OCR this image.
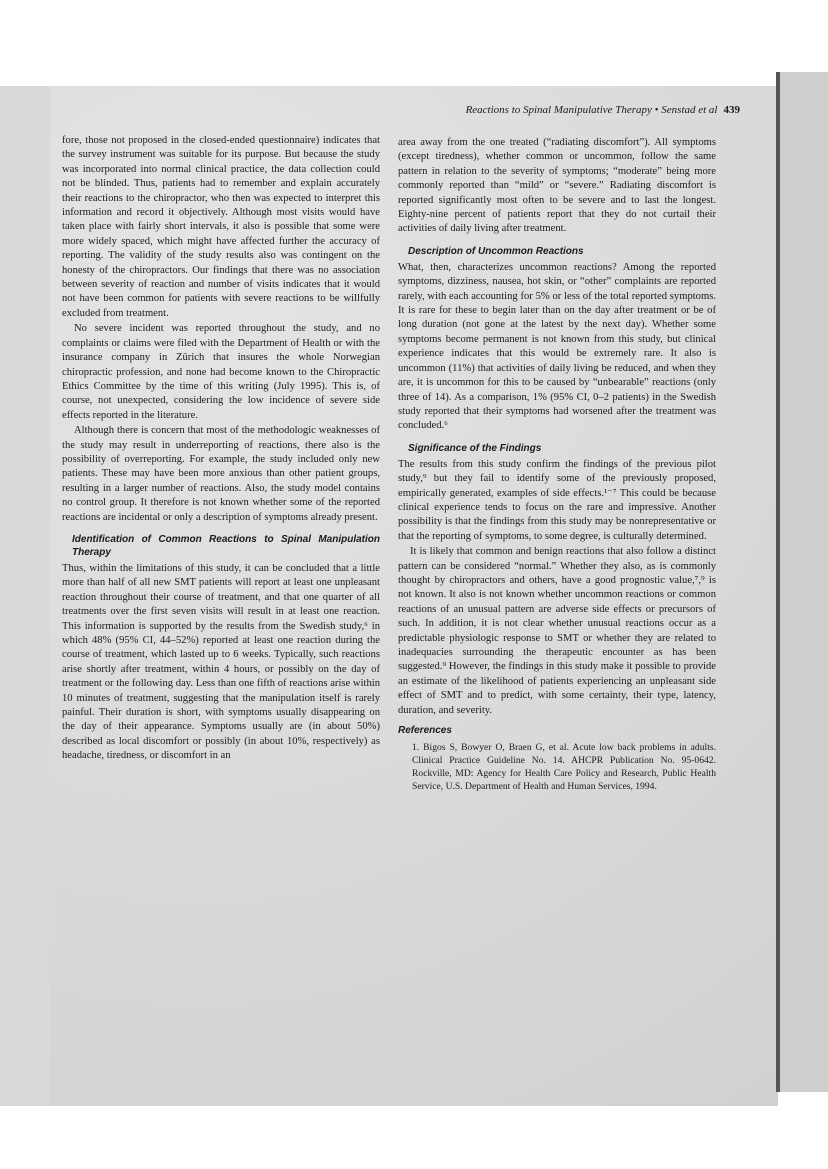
Reactions to Spinal Manipulative Therapy • Senstad et al 439

fore, those not proposed in the closed-ended questionnaire) indicates that the survey instrument was suitable for its purpose. But because the study was incorporated into normal clinical practice, the data collection could not be blinded. Thus, patients had to remember and explain accurately their reactions to the chiropractor, who then was expected to interpret this information and record it objectively. Although most visits would have taken place with fairly short intervals, it also is possible that some were more widely spaced, which might have affected further the accuracy of reporting. The validity of the study results also was contingent on the honesty of the chiropractors. Our findings that there was no association between severity of reaction and number of visits indicates that it would not have been common for patients with severe reactions to be willfully excluded from treatment.

No severe incident was reported throughout the study, and no complaints or claims were filed with the Department of Health or with the insurance company in Zürich that insures the whole Norwegian chiropractic profession, and none had become known to the Chiropractic Ethics Committee by the time of this writing (July 1995). This is, of course, not unexpected, considering the low incidence of severe side effects reported in the literature.

Although there is concern that most of the methodologic weaknesses of the study may result in underreporting of reactions, there also is the possibility of overreporting. For example, the study included only new patients. These may have been more anxious than other patient groups, resulting in a larger number of reactions. Also, the study model contains no control group. It therefore is not known whether some of the reported reactions are incidental or only a description of symptoms already present.

Identification of Common Reactions to Spinal Manipulation Therapy

Thus, within the limitations of this study, it can be concluded that a little more than half of all new SMT patients will report at least one unpleasant reaction throughout their course of treatment, and that one quarter of all treatments over the first seven visits will result in at least one reaction. This information is supported by the results from the Swedish study,⁶ in which 48% (95% CI, 44–52%) reported at least one reaction during the course of treatment, which lasted up to 6 weeks. Typically, such reactions arise shortly after treatment, within 4 hours, or possibly on the day of treatment or the following day. Less than one fifth of reactions arise within 10 minutes of treatment, suggesting that the manipulation itself is rarely painful. Their duration is short, with symptoms usually disappearing on the day of their appearance. Symptoms usually are (in about 50%) described as local discomfort or possibly (in about 10%, respectively) as headache, tiredness, or discomfort in an

area away from the one treated (“radiating discomfort”). All symptoms (except tiredness), whether common or uncommon, follow the same pattern in relation to the severity of symptoms; “moderate” being more commonly reported than “mild” or “severe.” Radiating discomfort is reported significantly most often to be severe and to last the longest. Eighty-nine percent of patients report that they do not curtail their activities of daily living after treatment.

Description of Uncommon Reactions

What, then, characterizes uncommon reactions? Among the reported symptoms, dizziness, nausea, hot skin, or “other” complaints are reported rarely, with each accounting for 5% or less of the total reported symptoms. It is rare for these to begin later than on the day after treatment or be of long duration (not gone at the latest by the next day). Whether some symptoms become permanent is not known from this study, but clinical experience indicates that this would be extremely rare. It also is uncommon (11%) that activities of daily living be reduced, and when they are, it is uncommon for this to be caused by “unbearable” reactions (only three of 14). As a comparison, 1% (95% CI, 0–2 patients) in the Swedish study reported that their symptoms had worsened after the treatment was concluded.⁶

Significance of the Findings

The results from this study confirm the findings of the previous pilot study,⁹ but they fail to identify some of the previously proposed, empirically generated, examples of side effects.¹⁻⁷ This could be because clinical experience tends to focus on the rare and impressive. Another possibility is that the findings from this study may be nonrepresentative or that the reporting of symptoms, to some degree, is culturally determined.

It is likely that common and benign reactions that also follow a distinct pattern can be considered “normal.” Whether they also, as is commonly thought by chiropractors and others, have a good prognostic value,⁷,⁹ is not known. It also is not known whether uncommon reactions or common reactions of an unusual pattern are adverse side effects or precursors of such. In addition, it is not clear whether unusual reactions occur as a predictable physiologic response to SMT or whether they are related to inadequacies surrounding the therapeutic encounter as has been suggested.⁹ However, the findings in this study make it possible to provide an estimate of the likelihood of patients experiencing an unpleasant side effect of SMT and to predict, with some certainty, their type, latency, duration, and severity.

References

1. Bigos S, Bowyer O, Braen G, et al. Acute low back problems in adults. Clinical Practice Guideline No. 14. AHCPR Publication No. 95-0642. Rockville, MD: Agency for Health Care Policy and Research, Public Health Service, U.S. Department of Health and Human Services, 1994.
